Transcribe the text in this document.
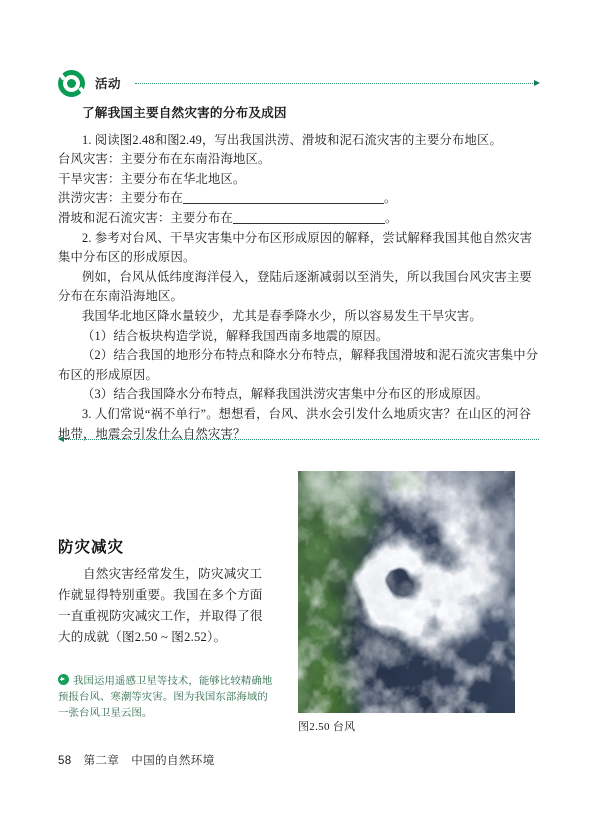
活动
了解我国主要自然灾害的分布及成因
1. 阅读图2.48和图2.49，写出我国洪涝、滑坡和泥石流灾害的主要分布地区。
台风灾害：主要分布在东南沿海地区。
干旱灾害：主要分布在华北地区。
洪涝灾害：主要分布在	。
滑坡和泥石流灾害：主要分布在	。
2. 参考对台风、干旱灾害集中分布区形成原因的解释，尝试解释我国其他自然灾害集中分布区的形成原因。
例如，台风从低纬度海洋侵入，登陆后逐渐减弱以至消失，所以我国台风灾害主要分布在东南沿海地区。
我国华北地区降水量较少，尤其是春季降水少，所以容易发生干旱灾害。
（1）结合板块构造学说，解释我国西南多地震的原因。
（2）结合我国的地形分布特点和降水分布特点，解释我国滑坡和泥石流灾害集中分布区的形成原因。
（3）结合我国降水分布特点，解释我国洪涝灾害集中分布区的形成原因。
3. 人们常说“祸不单行”。想想看，台风、洪水会引发什么地质灾害？在山区的河谷地带，地震会引发什么自然灾害？
防灾减灾
自然灾害经常发生，防灾减灾工作就显得特别重要。我国在多个方面一直重视防灾减灾工作，并取得了很大的成就（图2.50 ~ 图2.52）。
我国运用遥感卫星等技术，能够比较精确地预报台风、寒潮等灾害。图为我国东部海域的一张台风卫星云图。
图2.50 台风
58 第二章 中国的自然环境
